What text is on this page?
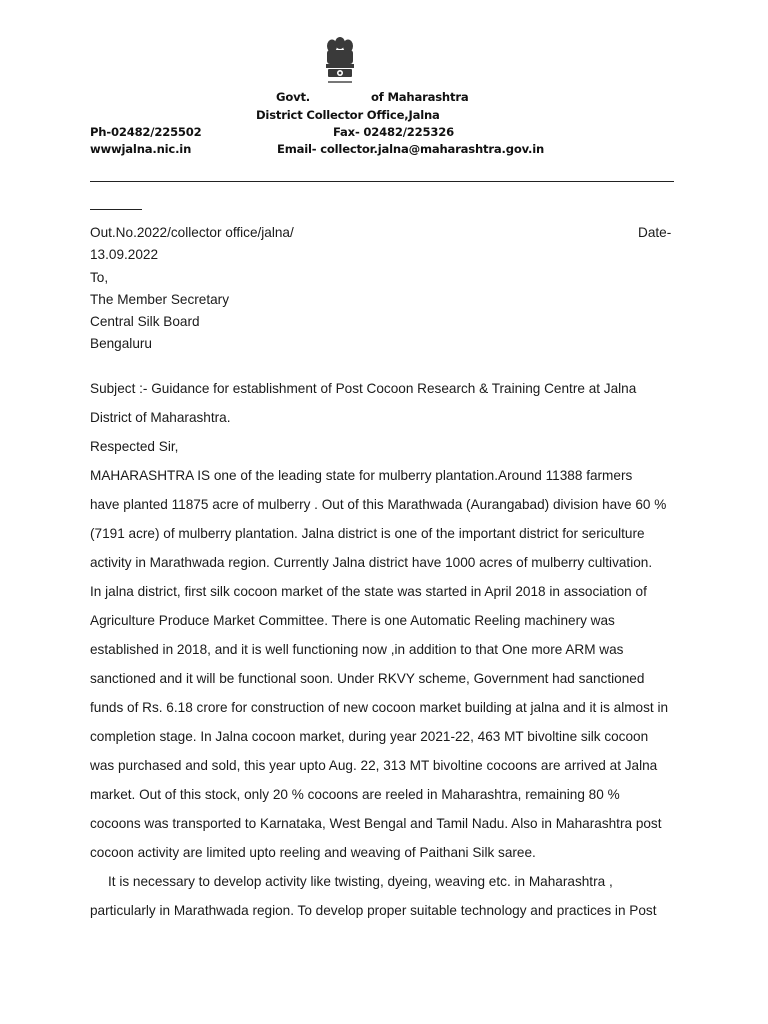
Govt.	of Maharashtra
District Collector Office,Jalna
Ph-02482/225502	Fax- 02482/225326
wwwjalna.nic.in	Email- collector.jalna@maharashtra.gov.in
Out.No.2022/collector office/jalna/	Date-
13.09.2022
To,
The Member Secretary
Central Silk Board
Bengaluru
Subject :- Guidance for establishment of Post Cocoon Research & Training Centre at Jalna
District of Maharashtra.
Respected Sir,
MAHARASHTRA IS one of the leading state for mulberry plantation.Around 11388 farmers
have planted 11875 acre of mulberry . Out of this Marathwada (Aurangabad) division have 60 %
(7191 acre) of mulberry plantation. Jalna district is one of the important district for sericulture
activity in Marathwada region. Currently Jalna district have 1000 acres of mulberry cultivation.
In jalna district, first silk cocoon market of the state was started in April 2018 in association of
Agriculture Produce Market Committee. There is one Automatic Reeling machinery was
established in 2018, and it is well functioning now ,in addition to that One more ARM was
sanctioned and it will be functional soon. Under RKVY scheme, Government had sanctioned
funds of Rs. 6.18 crore for construction of new cocoon market building at jalna and it is almost in
completion stage. In Jalna cocoon market, during year 2021-22, 463 MT bivoltine silk cocoon
was purchased and sold, this year upto Aug. 22, 313 MT bivoltine cocoons are arrived at Jalna
market. Out of this stock, only 20 % cocoons are reeled in Maharashtra, remaining 80 %
cocoons was transported to Karnataka, West Bengal and Tamil Nadu. Also in Maharashtra post
cocoon activity are limited upto reeling and weaving of Paithani Silk saree.
It is necessary to develop activity like twisting, dyeing, weaving etc. in Maharashtra ,
particularly in Marathwada region. To develop proper suitable technology and practices in Post
